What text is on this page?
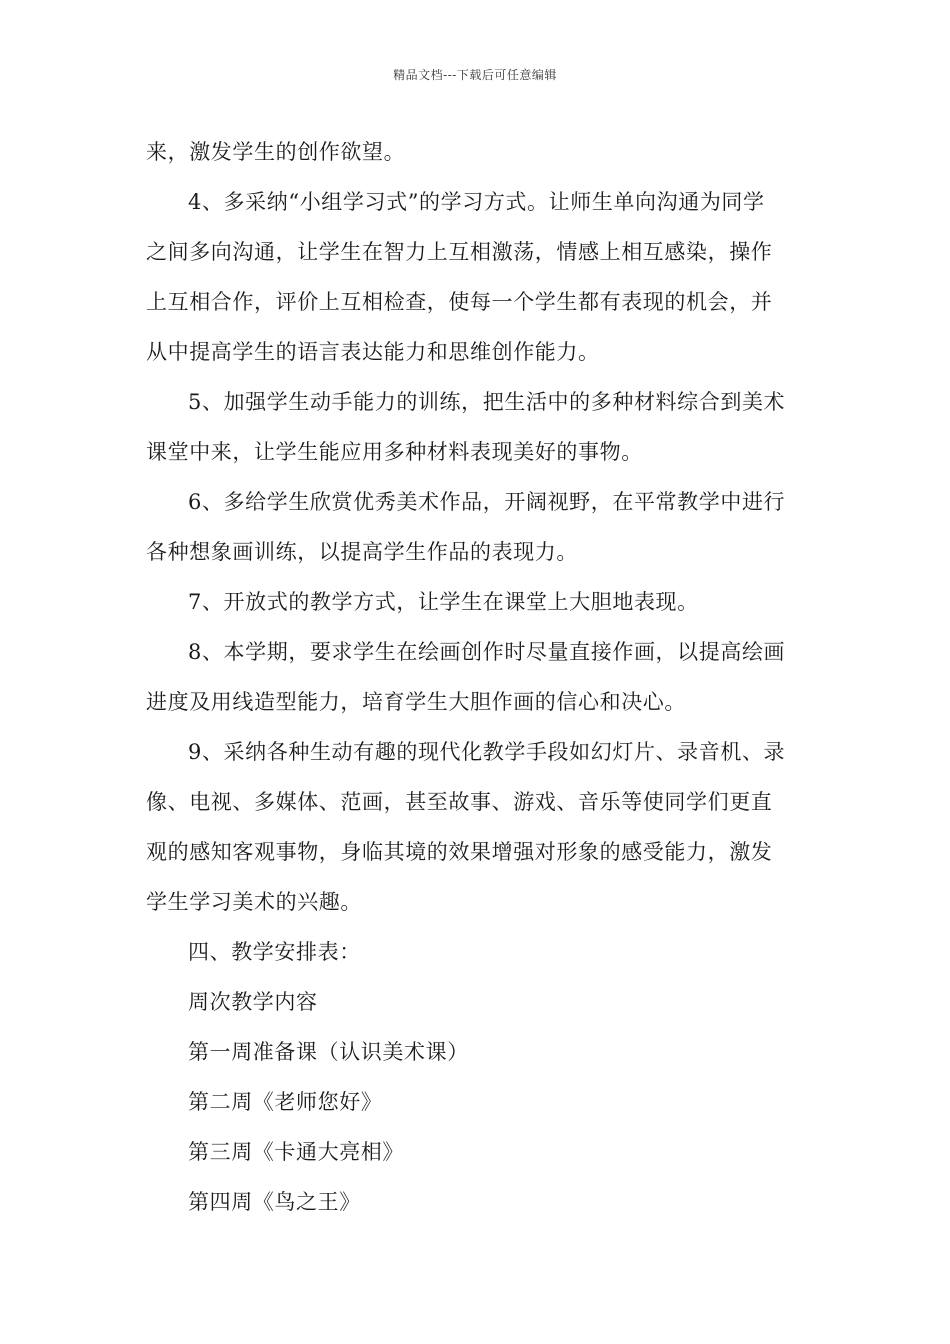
精品文档---下载后可任意编辑
来，激发学生的创作欲望。
4、多采纳“小组学习式”的学习方式。让师生单向沟通为同学
之间多向沟通，让学生在智力上互相激荡，情感上相互感染，操作
上互相合作，评价上互相检查，使每一个学生都有表现的机会，并
从中提高学生的语言表达能力和思维创作能力。
5、加强学生动手能力的训练，把生活中的多种材料综合到美术
课堂中来，让学生能应用多种材料表现美好的事物。
6、多给学生欣赏优秀美术作品，开阔视野，在平常教学中进行
各种想象画训练，以提高学生作品的表现力。
7、开放式的教学方式，让学生在课堂上大胆地表现。
8、本学期，要求学生在绘画创作时尽量直接作画，以提高绘画
进度及用线造型能力，培育学生大胆作画的信心和决心。
9、采纳各种生动有趣的现代化教学手段如幻灯片、录音机、录
像、电视、多媒体、范画，甚至故事、游戏、音乐等使同学们更直
观的感知客观事物，身临其境的效果增强对形象的感受能力，激发
学生学习美术的兴趣。
四、教学安排表：
周次教学内容
第一周准备课（认识美术课）
第二周《老师您好》
第三周《卡通大亮相》
第四周《鸟之王》
